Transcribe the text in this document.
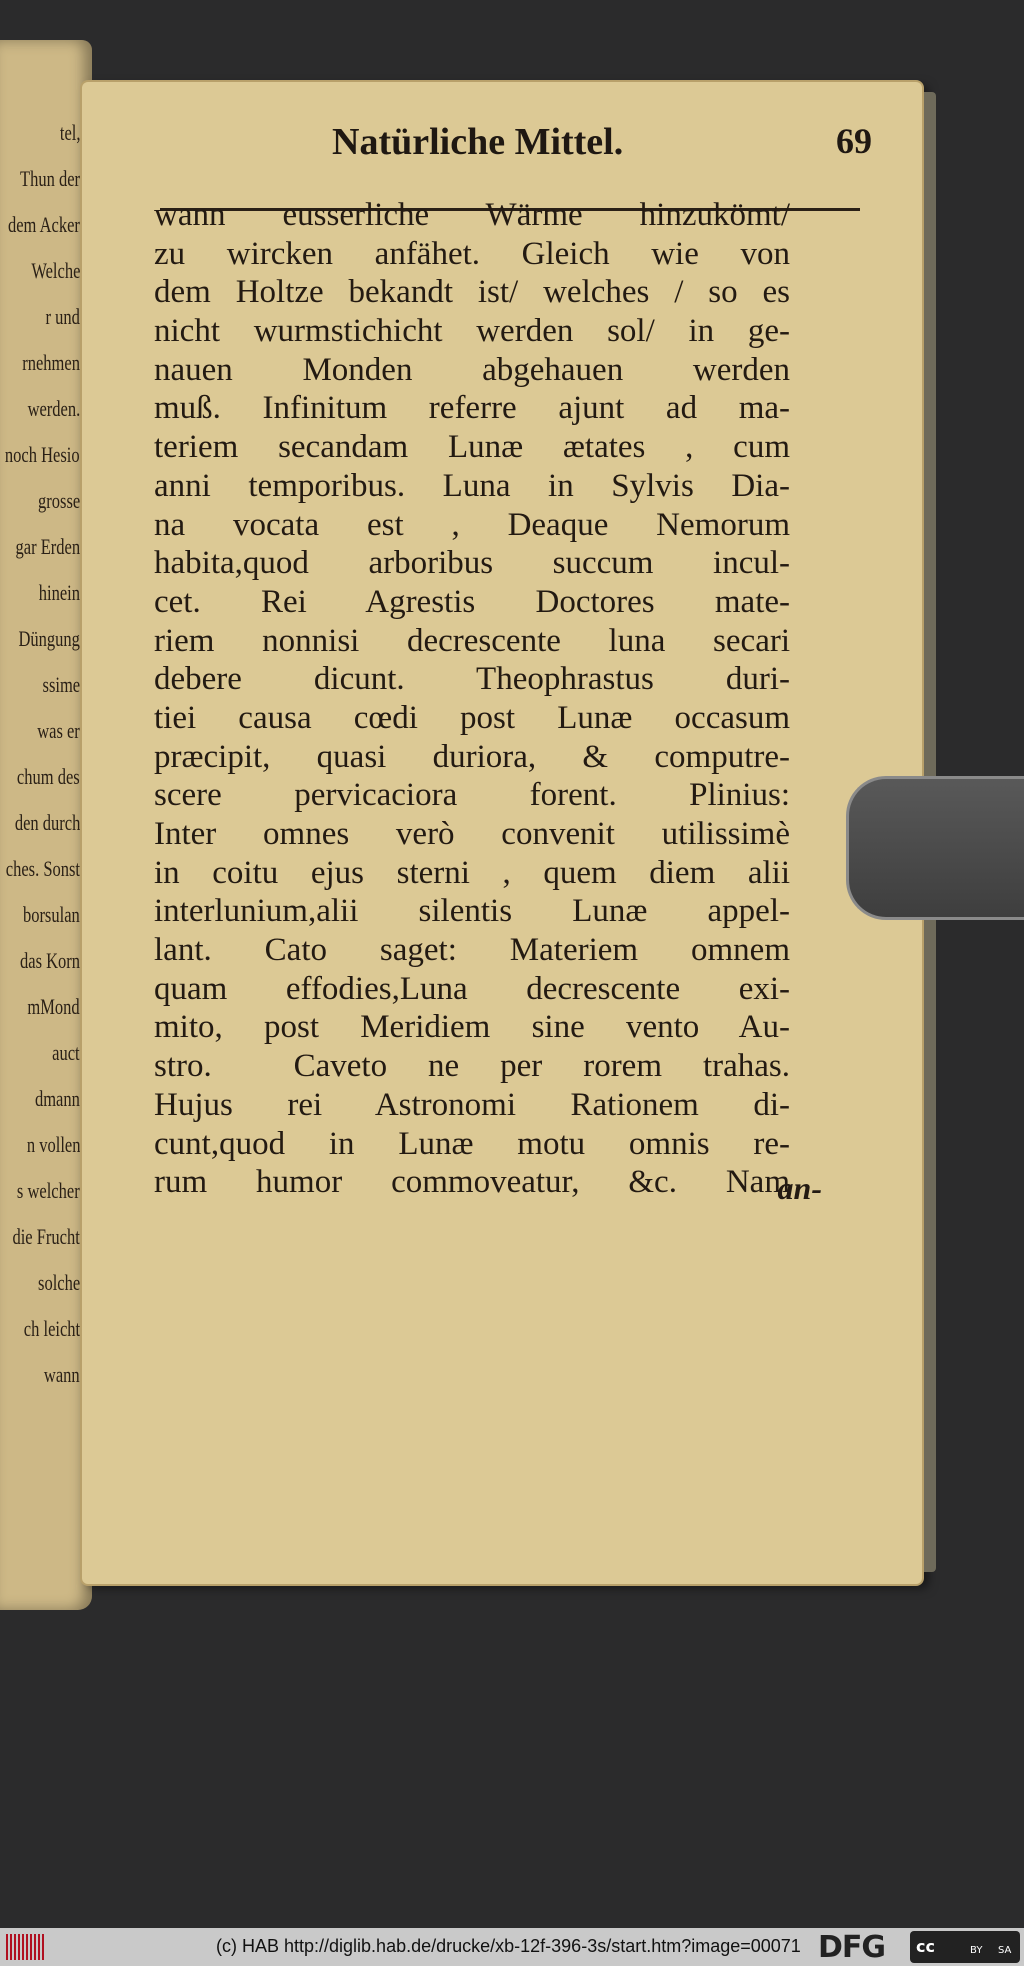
tel,
Thun der
dem Acker
Welche
r und
rnehmen
werden.
noch Hesio
grosse
gar Erden
hinein
Düngung
ssime
was er
chum des
den durch
ches. Sonst
borsulan
das Korn
mMond
auct
dmann
n vollen
s welcher
die Frucht
solche
ch leicht
wann
Natürliche Mittel.	69
wann eusserliche Wärme hinzukömt/
zu wircken anfähet. Gleich wie von
dem Holtze bekandt ist/ welches / so es
nicht wurmstichicht werden sol/ in ge-
nauen Monden abgehauen werden
muß. Infinitum referre ajunt ad ma-
teriem secandam Lunæ ætates , cum
anni temporibus. Luna in Sylvis Dia-
na vocata est , Deaque Nemorum
habita,quod arboribus succum incul-
cet. Rei Agrestis Doctores mate-
riem nonnisi decrescente luna secari
debere dicunt. Theophrastus duri-
tiei causa cœdi post Lunæ occasum
præcipit, quasi duriora, & computre-
scere pervicaciora forent. Plinius:
Inter omnes verò convenit utilissimè
in coitu ejus sterni , quem diem alii
interlunium,alii silentis Lunæ appel-
lant. Cato saget: Materiem omnem
quam effodies,Luna decrescente exi-
mito, post Meridiem sine vento Au-
stro.  Caveto ne per rorem trahas.
Hujus rei Astronomi Rationem di-
cunt,quod in Lunæ motu omnis re-
rum humor commoveatur, &c. Nam
an-
(c) HAB http://diglib.hab.de/drucke/xb-12f-396-3s/start.htm?image=00071 DFG cc	BY SA
